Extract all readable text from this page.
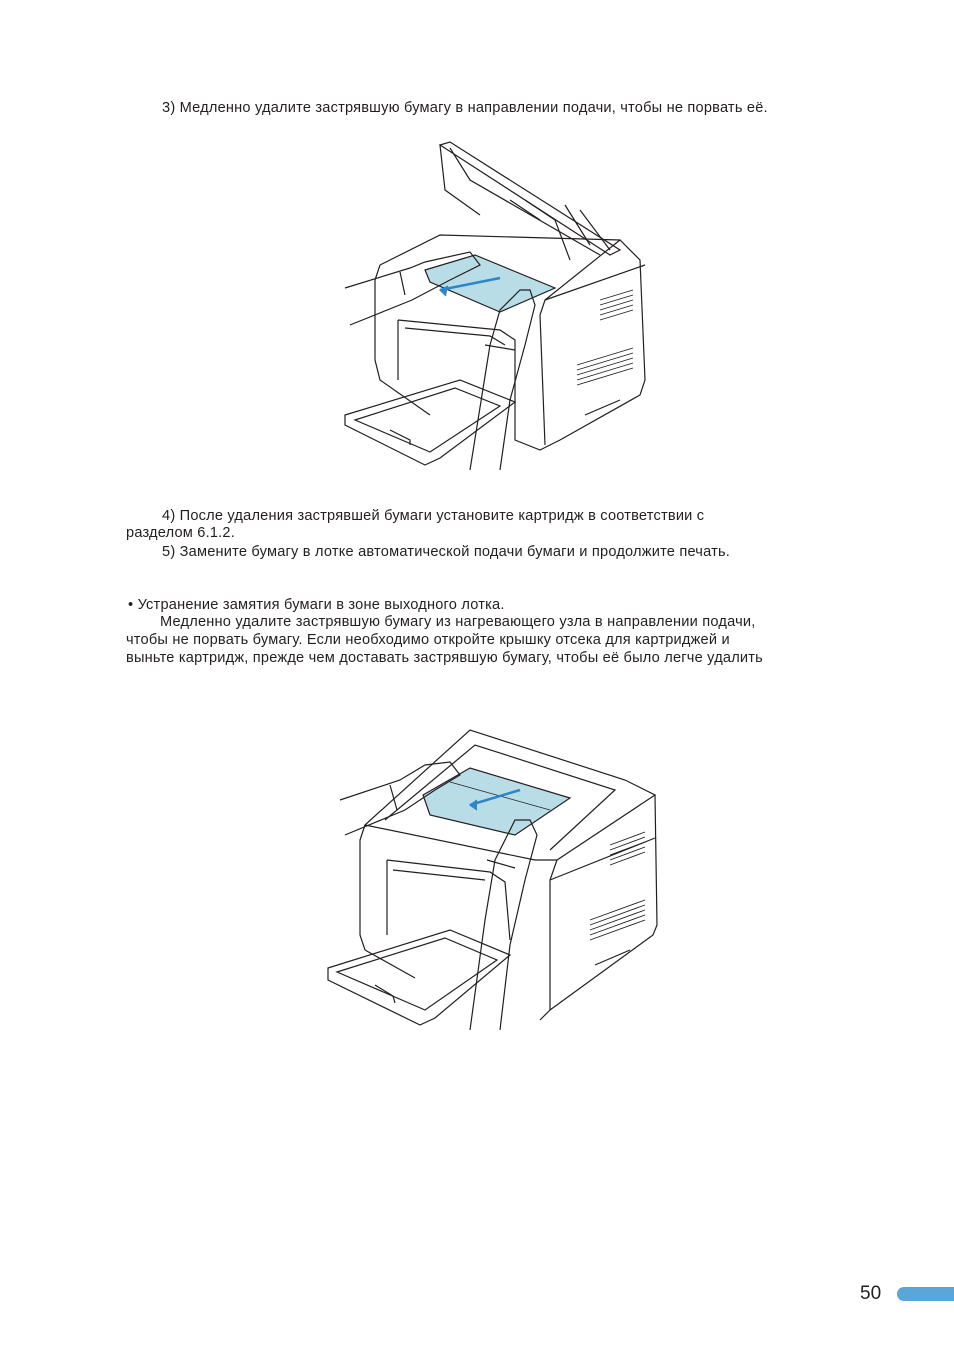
3) Медленно удалите застрявшую бумагу в направлении подачи, чтобы не порвать её.
4) После удаления застрявшей бумаги установите картридж в соответствии с
разделом 6.1.2.
5) Замените бумагу в лотке автоматической подачи бумаги и продолжите печать.
• Устранение замятия бумаги в зоне выходного лотка.
Медленно удалите застрявшую бумагу из нагревающего узла в направлении подачи,
чтобы не порвать бумагу. Если необходимо откройте крышку отсека для картриджей и
выньте картридж, прежде чем доставать застрявшую бумагу, чтобы её было легче удалить
50
